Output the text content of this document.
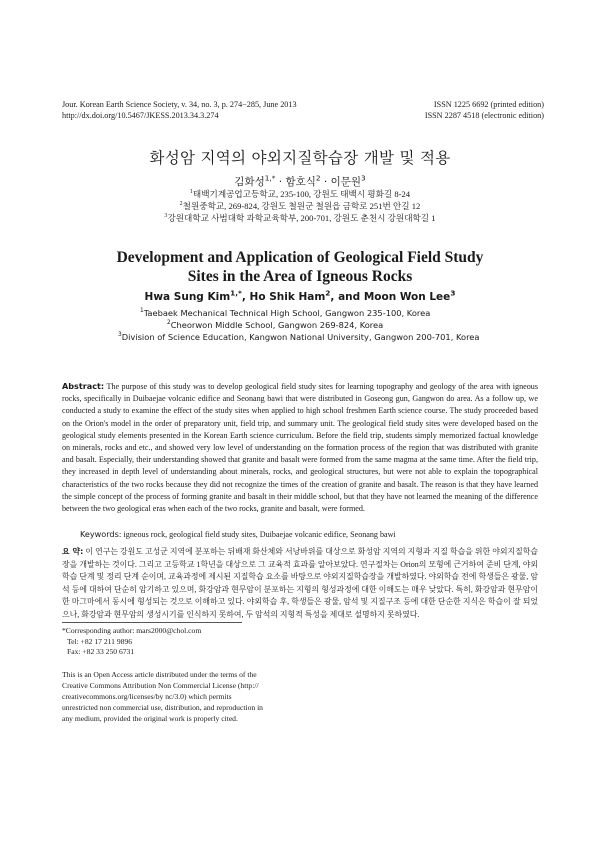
Jour. Korean Earth Science Society, v. 34, no. 3, p. 274−285, June 2013
http://dx.doi.org/10.5467/JKESS.2013.34.3.274
ISSN 1225 6692 (printed edition)
ISSN 2287 4518 (electronic edition)
화성암 지역의 야외지질학습장 개발 및 적용
김화성$^{1,*}$ · 함호식$^2$ · 이문원$^3$
$^1$태백기계공업고등학교, 235-100, 강원도 태백시 평화길 8-24
$^2$철원중학교, 269-824, 강원도 철원군 철원읍 금학로 251번 안길 12
$^3$강원대학교 사범대학 과학교육학부, 200-701, 강원도 춘천시 강원대학길 1
Development and Application of Geological Field Study
Sites in the Area of Igneous Rocks
Hwa Sung Kim$^{1,*}$, Ho Shik Ham$^2$, and Moon Won Lee$^3$
$^1$Taebaek Mechanical Technical High School, Gangwon 235-100, Korea
$^2$Cheorwon Middle School, Gangwon 269-824, Korea
$^3$Division of Science Education, Kangwon National University, Gangwon 200-701, Korea

Abstract: The purpose of this study was to develop geological field study sites for learning topography and geology of the area with igneous rocks, specifically in Duibaejae volcanic edifice and Seonang bawi that were distributed in Goseong gun, Gangwon do area. As a follow up, we conducted a study to examine the effect of the study sites when applied to high school freshmen Earth science course. The study proceeded based on the Orion's model in the order of preparatory unit, field trip, and summary unit. The geological field study sites were developed based on the geological study elements presented in the Korean Earth science curriculum. Before the field trip, students simply memorized factual knowledge on minerals, rocks and etc., and showed very low level of understanding on the formation process of the region that was distributed with granite and basalt. Especially, their understanding showed that granite and basalt were formed from the same magma at the same time. After the field trip, they increased in depth level of understanding about minerals, rocks, and geological structures, but were not able to explain the topographical characteristics of the two rocks because they did not recognize the times of the creation of granite and basalt. The reason is that they have learned the simple concept of the process of forming granite and basalt in their middle school, but that they have not learned the meaning of the difference between the two geological eras when each of the two rocks, granite and basalt, were formed.

Keywords: igneous rock, geological field study sites, Duibaejae volcanic edifice, Seonang bawi

요 약: 이 연구는 강원도 고성군 지역에 분포하는 뒤배재 화산체와 서낭바위를 대상으로 화성암 지역의 지형과 지질 학습을 위한 야외지질학습장을 개발하는 것이다. 그리고 고등학교 1학년을 대상으로 그 교육적 효과를 알아보았다. 연구절차는 Orion의 모형에 근거하여 준비 단계, 야외학습 단계 및 정리 단계 순이며, 교육과정에 제시된 지질학습 요소를 바탕으로 야외지질학습장을 개발하였다. 야외학습 전에 학생들은 광물, 암석 등에 대하여 단순히 암기하고 있으며, 화강암과 현무암이 분포하는 지형의 형성과정에 대한 이해도는 매우 낮았다. 특히, 화강암과 현무암이 한 마그마에서 동시에 형성되는 것으로 이해하고 있다. 야외학습 후, 학생들은 광물, 암석 및 지질구조 등에 대한 단순한 지식은 학습이 잘 되었으나, 화강암과 현무암의 생성시기를 인식하지 못하여, 두 암석의 지형적 특성을 제대로 설명하지 못하였다.

*Corresponding author: mars2000@chol.com
Tel: +82 17 211 9896
Fax: +82 33 250 6731
This is an Open Access article distributed under the terms of the Creative Commons Attribution Non Commercial License (http:// creativecommons.org/licenses/by nc/3.0) which permits unrestricted non commercial use, distribution, and reproduction in any medium, provided the original work is properly cited.
